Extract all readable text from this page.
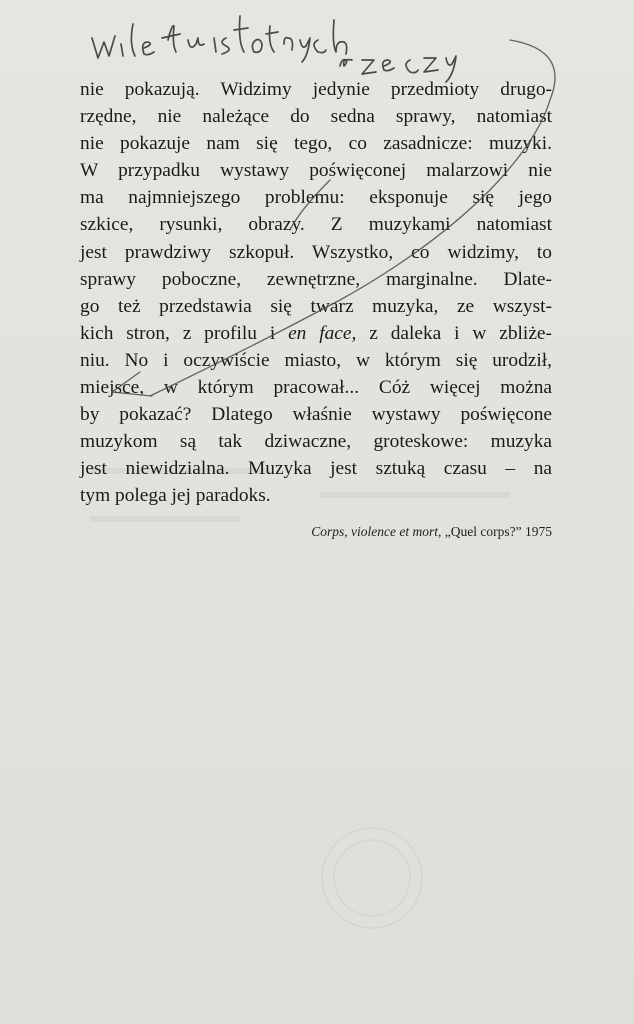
nie pokazują. Widzimy jedynie przedmioty drugo-
rzędne, nie należące do sedna sprawy, natomiast
nie pokazuje nam się tego, co zasadnicze: muzyki.
W przypadku wystawy poświęconej malarzowi nie
ma najmniejszego problemu: eksponuje się jego
szkice, rysunki, obrazy. Z muzykami natomiast
jest prawdziwy szkopuł. Wszystko, co widzimy, to
sprawy poboczne, zewnętrzne, marginalne. Dlate-
go też przedstawia się twarz muzyka, ze wszyst-
kich stron, z profilu i en face, z daleka i w zbliże-
niu. No i oczywiście miasto, w którym się urodził,
miejsce, w którym pracował... Cóż więcej można
by pokazać? Dlatego właśnie wystawy poświęcone
muzykom są tak dziwaczne, groteskowe: muzyka
jest niewidzialna. Muzyka jest sztuką czasu – na
tym polega jej paradoks.

Corps, violence et mort, „Quel corps?” 1975
